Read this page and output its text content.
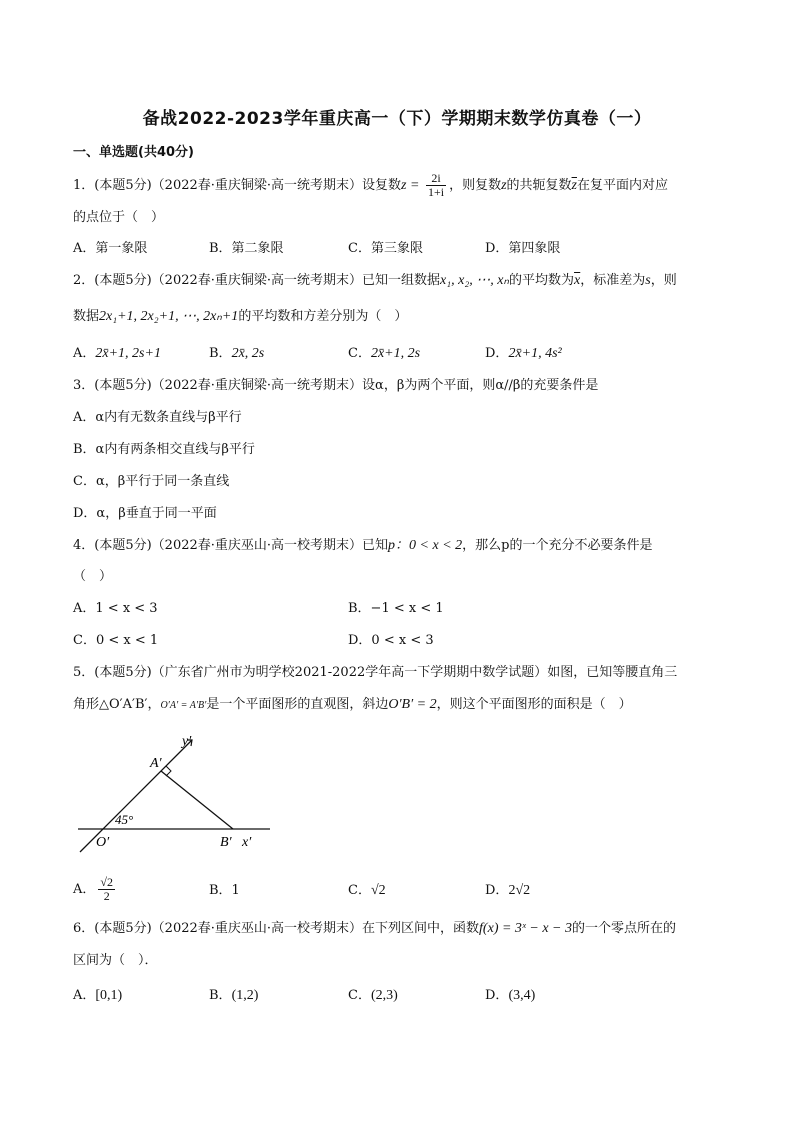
备战2022-2023学年重庆高一（下）学期期末数学仿真卷（一）
一、单选题(共40分)
1．(本题5分)（2022春·重庆铜梁·高一统考期末）设复数$z = \frac{2i}{1+i}$ ，则复数z的共轭复数$\overline{z}$在复平面内对应
的点位于（　）
A．第一象限	B．第二象限	C．第三象限	D．第四象限
2．(本题5分)（2022春·重庆铜梁·高一统考期末）已知一组数据x₁, x₂, ⋯, xₙ的平均数为$\overline{x}$，标准差为s，则
数据2x₁+1, 2x₂+1, ⋯, 2xₙ+1的平均数和方差分别为（　）
A．2x̄+1, 2s+1	B．2x̄, 2s	C．2x̄+1, 2s	D．2x̄+1, 4s²
3．(本题5分)（2022春·重庆铜梁·高一统考期末）设α，β为两个平面，则α//β的充要条件是
A．α内有无数条直线与β平行
B．α内有两条相交直线与β平行
C．α，β平行于同一条直线
D．α，β垂直于同一平面
4．(本题5分)（2022春·重庆巫山·高一校考期末）已知p：0 < x < 2，那么p的一个充分不必要条件是
（　）
A．1 < x < 3	B．−1 < x < 1
C．0 < x < 1	D．0 < x < 3
5．(本题5分)（广东省广州市为明学校2021-2022学年高一下学期期中数学试题）如图，已知等腰直角三
角形△O′A′B′，O′A′ = A′B′是一个平面图形的直观图，斜边O′B′ = 2，则这个平面图形的面积是（　）
y′
A′
45°
O′	B′ x′
A． $\frac{√2}{2}$	B．1	C．√2	D．2√2
6．(本题5分)（2022春·重庆巫山·高一校考期末）在下列区间中，函数f(x) = 3ˣ − x − 3的一个零点所在的
区间为（　）．
A．[0,1)	B．(1,2)	C．(2,3)	D．(3,4)
